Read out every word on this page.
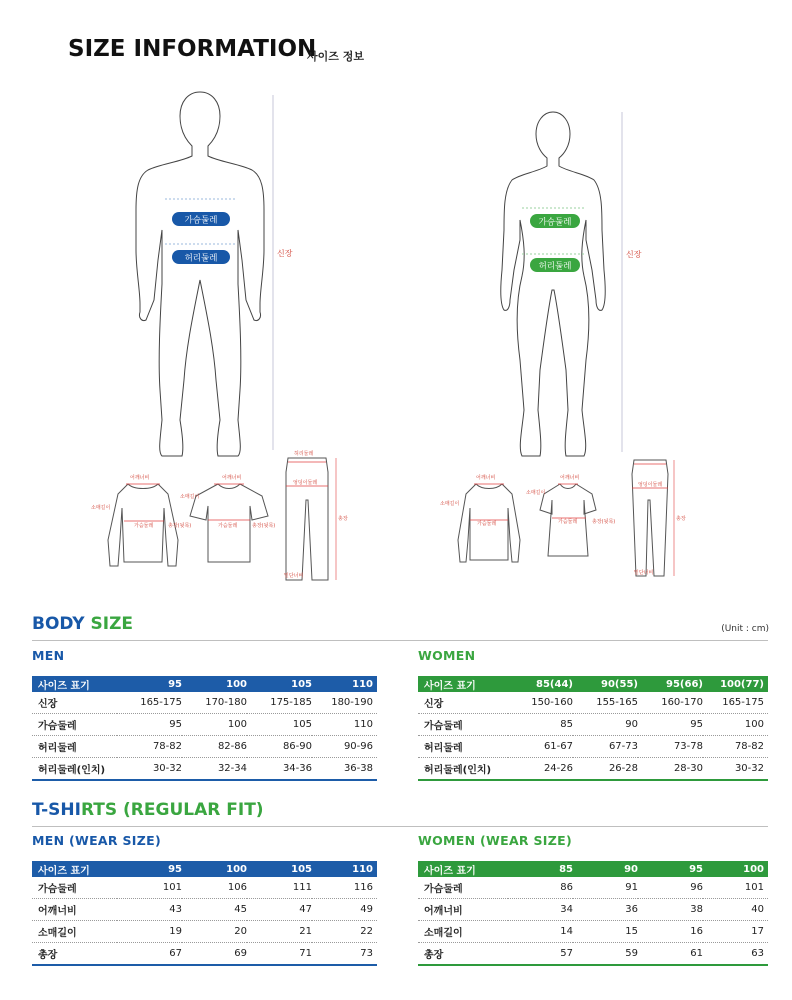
SIZE INFORMATION
사이즈 정보
가슴둘레
허리둘레	신장
가슴둘레
허리둘레
신장
어깨너비
소매길이
가슴둘레	총장(뒷목)
어깨너비
소매길이
가슴둘레	총장(뒷목)
허리둘레
엉덩이둘레
총장
밑단너비
어깨너비
소매길이
가슴둘레
어깨너비
소매길이
가슴둘레	총장(뒷목)
엉덩이둘레
총장
밑단너비
BODY SIZE	(Unit : cm)
MEN	WOMEN
사이즈 표기	95	100	105	110
신장	165-175	170-180	175-185	180-190
가슴둘레	95	100	105	110
허리둘레	78-82	82-86	86-90	90-96
허리둘레(인치)	30-32	32-34	34-36	36-38
사이즈 표기	85(44)	90(55)	95(66)	100(77)
신장	150-160	155-165	160-170	165-175
가슴둘레	85	90	95	100
허리둘레	61-67	67-73	73-78	78-82
허리둘레(인치)	24-26	26-28	28-30	30-32
T-SHIRTS (REGULAR FIT)
MEN (WEAR SIZE)	WOMEN (WEAR SIZE)
사이즈 표기	95	100	105	110
가슴둘레	101	106	111	116
어깨너비	43	45	47	49
소매길이	19	20	21	22
총장	67	69	71	73
사이즈 표기	85	90	95	100
가슴둘레	86	91	96	101
어깨너비	34	36	38	40
소매길이	14	15	16	17
총장	57	59	61	63
